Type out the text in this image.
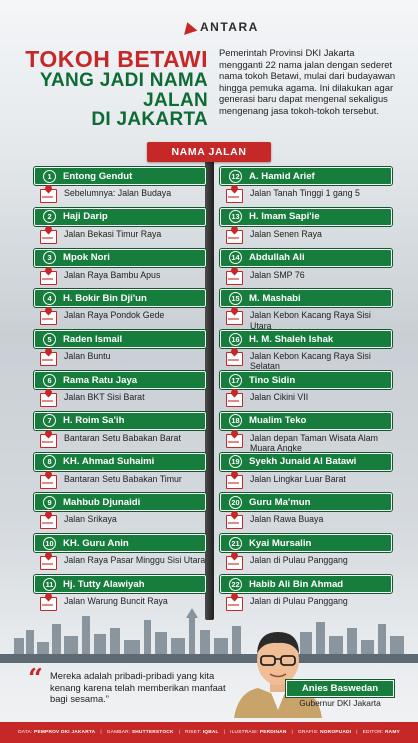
ANTARA
TOKOH BETAWI
YANG JADI NAMA JALAN
DI JAKARTA
Pemerintah Provinsi DKI Jakarta mengganti 22 nama jalan dengan sederet nama tokoh Betawi, mulai dari budayawan hingga pemuka agama. Ini dilakukan agar generasi baru dapat mengenal sekaligus mengenang jasa tokoh-tokoh tersebut.
NAMA JALAN
1	Entong Gendut
Sebelumnya: Jalan Budaya
2	Haji Darip
Jalan Bekasi Timur Raya
3	Mpok Nori
Jalan Raya Bambu Apus
4	H. Bokir Bin Dji'un
Jalan Raya Pondok Gede
5	Raden Ismail
Jalan Buntu
6	Rama Ratu Jaya
Jalan BKT Sisi Barat
7	H. Roim Sa'ih
Bantaran Setu Babakan Barat
8	KH. Ahmad Suhaimi
Bantaran Setu Babakan Timur
9	Mahbub Djunaidi
Jalan Srikaya
10 KH. Guru Anin
Jalan Raya Pasar Minggu Sisi Utara
11 Hj. Tutty Alawiyah
Jalan Warung Buncit Raya
12 A. Hamid Arief
Jalan Tanah Tinggi 1 gang 5
13 H. Imam Sapi'ie
Jalan Senen Raya
14 Abdullah Ali
Jalan SMP 76
15 M. Mashabi
Jalan Kebon Kacang Raya Sisi Utara
16 H. M. Shaleh Ishak
Jalan Kebon Kacang Raya Sisi Selatan
17 Tino Sidin
Jalan Cikini VII
18 Mualim Teko
Jalan depan Taman Wisata Alam Muara Angke
19 Syekh Junaid Al Batawi
Jalan Lingkar Luar Barat
20 Guru Ma'mun
Jalan Rawa Buaya
21 Kyai Mursalin
Jalan di Pulau Panggang
22 Habib Ali Bin Ahmad
Jalan di Pulau Panggang
“ Mereka adalah pribadi-pribadi yang kita kenang karena telah memberikan manfaat bagi sesama.”
Anies Baswedan
Gubernur DKI Jakarta
DATA: PEMPROV DKI JAKARTA | GAMBAR: SHUTTERSTOCK | RISET: IQBAL | ILUSTRASI: PERDINAN | GRAFIS: NOROPUADI | EDITOR: RAMY
